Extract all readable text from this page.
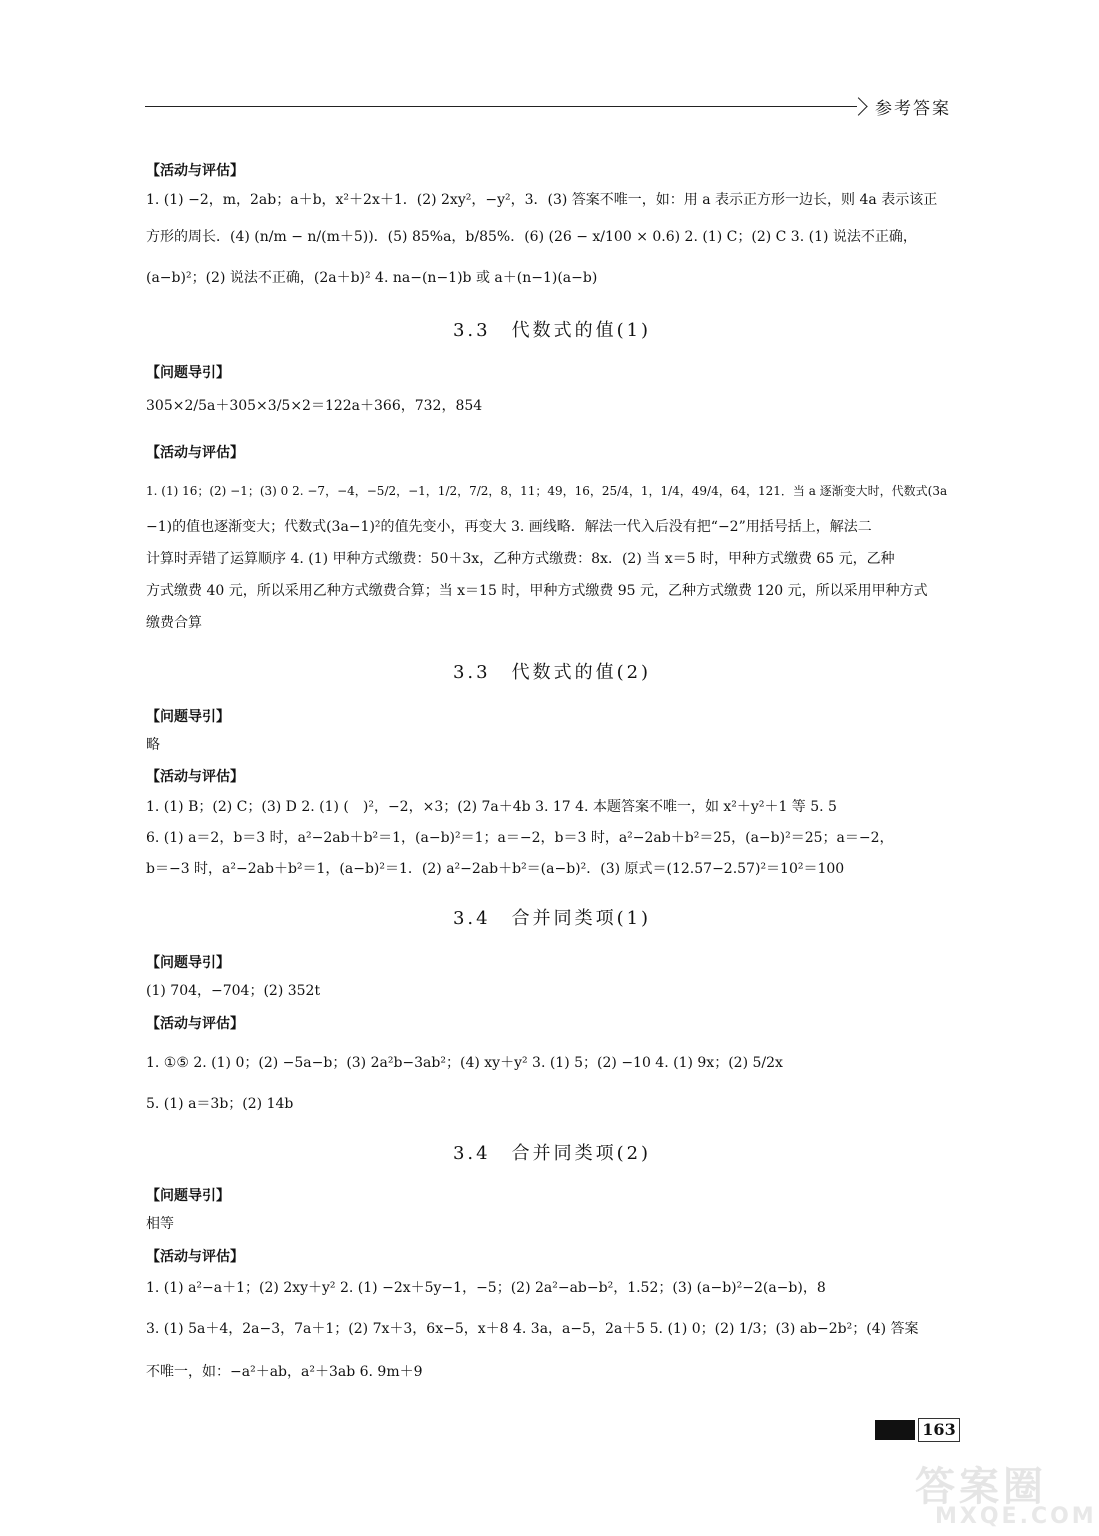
参考答案
【活动与评估】
1. (1) −2，m，2ab；a＋b，x²＋2x＋1．(2) 2xy²，−y²，3．(3) 答案不唯一，如：用 a 表示正方形一边长，则 4a 表示该正
方形的周长．(4) (n/m − n/(m＋5))．(5) 85%a，b/85%．(6) (26 − x/100 × 0.6) 2. (1) C；(2) C 3. (1) 说法不正确，
(a−b)²；(2) 说法不正确，(2a＋b)² 4. na−(n−1)b 或 a＋(n−1)(a−b)
3.3　代数式的值(1)
【问题导引】
305×2/5a＋305×3/5×2＝122a＋366，732，854
【活动与评估】
1. (1) 16；(2) −1；(3) 0 2. −7，−4，−5/2，−1，1/2，7/2，8，11；49，16，25/4，1，1/4，49/4，64，121．当 a 逐渐变大时，代数式(3a
−1)的值也逐渐变大；代数式(3a−1)²的值先变小，再变大 3. 画线略．解法一代入后没有把“−2”用括号括上，解法二
计算时弄错了运算顺序 4. (1) 甲种方式缴费：50＋3x，乙种方式缴费：8x．(2) 当 x＝5 时，甲种方式缴费 65 元，乙种
方式缴费 40 元，所以采用乙种方式缴费合算；当 x＝15 时，甲种方式缴费 95 元，乙种方式缴费 120 元，所以采用甲种方式
缴费合算
3.3　代数式的值(2)
【问题导引】
略
【活动与评估】
1. (1) B；(2) C；(3) D 2. (1) (　)²，−2，×3；(2) 7a＋4b 3. 17 4. 本题答案不唯一，如 x²＋y²＋1 等 5. 5
6. (1) a＝2，b＝3 时，a²−2ab＋b²＝1，(a−b)²＝1；a＝−2，b＝3 时，a²−2ab＋b²＝25，(a−b)²＝25；a＝−2，
b＝−3 时，a²−2ab＋b²＝1，(a−b)²＝1．(2) a²−2ab＋b²＝(a−b)²．(3) 原式＝(12.57−2.57)²＝10²＝100
3.4　合并同类项(1)
【问题导引】
(1) 704，−704；(2) 352t
【活动与评估】
1. ①⑤ 2. (1) 0；(2) −5a−b；(3) 2a²b−3ab²；(4) xy＋y² 3. (1) 5；(2) −10 4. (1) 9x；(2) 5/2x
5. (1) a＝3b；(2) 14b
3.4　合并同类项(2)
【问题导引】
相等
【活动与评估】
1. (1) a²−a＋1；(2) 2xy＋y² 2. (1) −2x＋5y−1，−5；(2) 2a²−ab−b²，1.52；(3) (a−b)²−2(a−b)，8
3. (1) 5a＋4，2a−3，7a＋1；(2) 7x＋3，6x−5，x＋8 4. 3a，a−5，2a＋5 5. (1) 0；(2) 1/3；(3) ab−2b²；(4) 答案
不唯一，如：−a²＋ab，a²＋3ab 6. 9m＋9
163
答案圈
MXQE.COM
